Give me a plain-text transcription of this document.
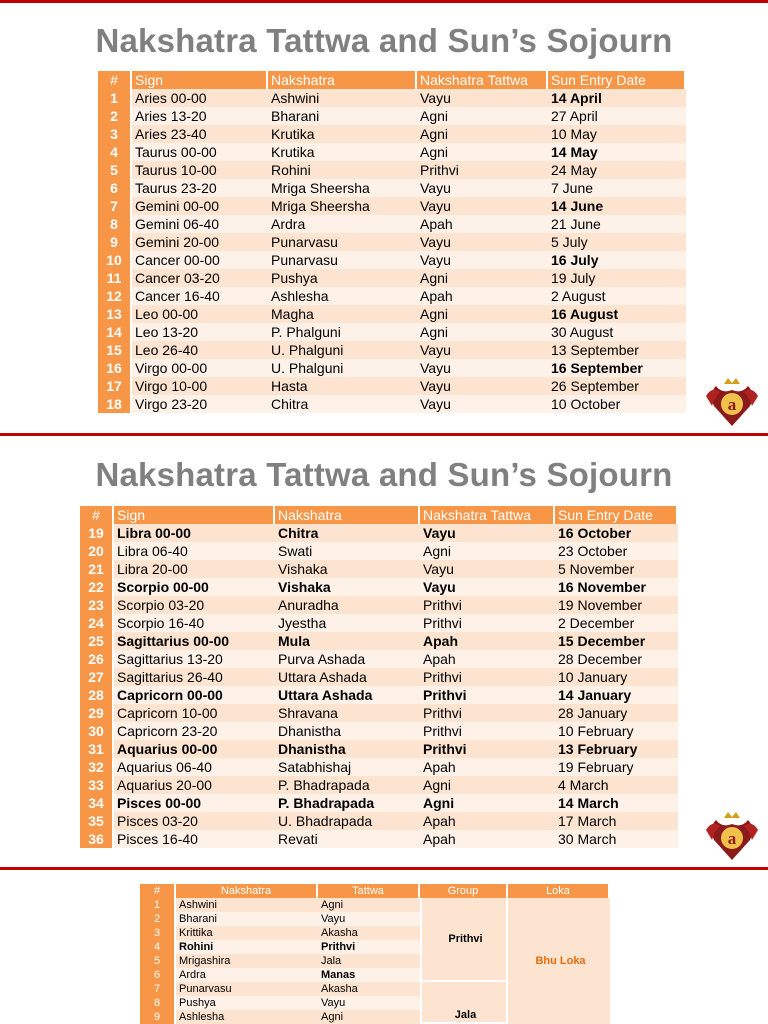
Nakshatra Tattwa and Sun’s Sojourn
#	Sign	Nakshatra	Nakshatra Tattwa	Sun Entry Date
1	Aries 00-00	Ashwini	Vayu	14 April
2	Aries 13-20	Bharani	Agni	27 April
3	Aries 23-40	Krutika	Agni	10 May
4	Taurus 00-00	Krutika	Agni	14 May
5	Taurus 10-00	Rohini	Prithvi	24 May
6	Taurus 23-20	Mriga Sheersha	Vayu	7 June
7	Gemini 00-00	Mriga Sheersha	Vayu	14 June
8	Gemini 06-40	Ardra	Apah	21 June
9	Gemini 20-00	Punarvasu	Vayu	5 July
10	Cancer 00-00	Punarvasu	Vayu	16 July
11	Cancer 03-20	Pushya	Agni	19 July
12	Cancer 16-40	Ashlesha	Apah	2 August
13	Leo 00-00	Magha	Agni	16 August
14	Leo 13-20	P. Phalguni	Agni	30 August
15	Leo 26-40	U. Phalguni	Vayu	13 September
16	Virgo 00-00	U. Phalguni	Vayu	16 September
17	Virgo 10-00	Hasta	Vayu	26 September
18	Virgo 23-20	Chitra	Vayu	10 October	a
Nakshatra Tattwa and Sun’s Sojourn
#	Sign	Nakshatra	Nakshatra Tattwa	Sun Entry Date
19	Libra 00-00	Chitra	Vayu	16 October
20	Libra 06-40	Swati	Agni	23 October
21	Libra 20-00	Vishaka	Vayu	5 November
22	Scorpio 00-00	Vishaka	Vayu	16 November
23	Scorpio 03-20	Anuradha	Prithvi	19 November
24	Scorpio 16-40	Jyestha	Prithvi	2 December
25	Sagittarius 00-00	Mula	Apah	15 December
26	Sagittarius 13-20	Purva Ashada	Apah	28 December
27	Sagittarius 26-40	Uttara Ashada	Prithvi	10 January
28	Capricorn 00-00	Uttara Ashada	Prithvi	14 January
29	Capricorn 10-00	Shravana	Prithvi	28 January
30	Capricorn 23-20	Dhanistha	Prithvi	10 February
31	Aquarius 00-00	Dhanistha	Prithvi	13 February
32	Aquarius 06-40	Satabhishaj	Apah	19 February
33	Aquarius 20-00	P. Bhadrapada	Agni	4 March
34	Pisces 00-00	P. Bhadrapada	Agni	14 March
35	Pisces 03-20	U. Bhadrapada	Apah	17 March
36	Pisces 16-40	Revati	Apah	30 March	a
#	Nakshatra	Tattwa	Group	Loka
1	Ashwini	Agni	Prithvi	Bhu Loka
2	Bharani	Vayu		
3	Krittika	Akasha		
4	Rohini	Prithvi		
5	Mrigashira	Jala		
6	Ardra	Manas		
7	Punarvasu	Akasha	Jala	
8	Pushya	Vayu		
9	Ashlesha	Agni		
